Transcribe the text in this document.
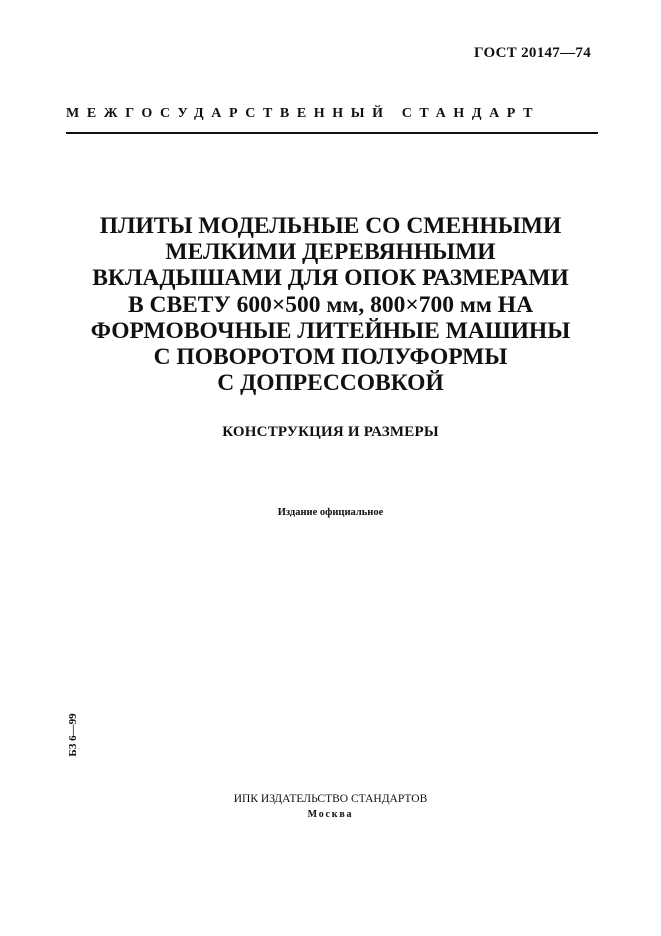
ГОСТ 20147—74
МЕЖГОСУДАРСТВЕННЫЙ СТАНДАРТ
ПЛИТЫ МОДЕЛЬНЫЕ СО СМЕННЫМИ
МЕЛКИМИ ДЕРЕВЯННЫМИ
ВКЛАДЫШАМИ ДЛЯ ОПОК РАЗМЕРАМИ
В СВЕТУ 600×500 мм, 800×700 мм НА
ФОРМОВОЧНЫЕ ЛИТЕЙНЫЕ МАШИНЫ
С ПОВОРОТОМ ПОЛУФОРМЫ
С ДОПРЕССОВКОЙ
КОНСТРУКЦИЯ И РАЗМЕРЫ
Издание официальное
БЗ 6—99
ИПК ИЗДАТЕЛЬСТВО СТАНДАРТОВ
Москва
